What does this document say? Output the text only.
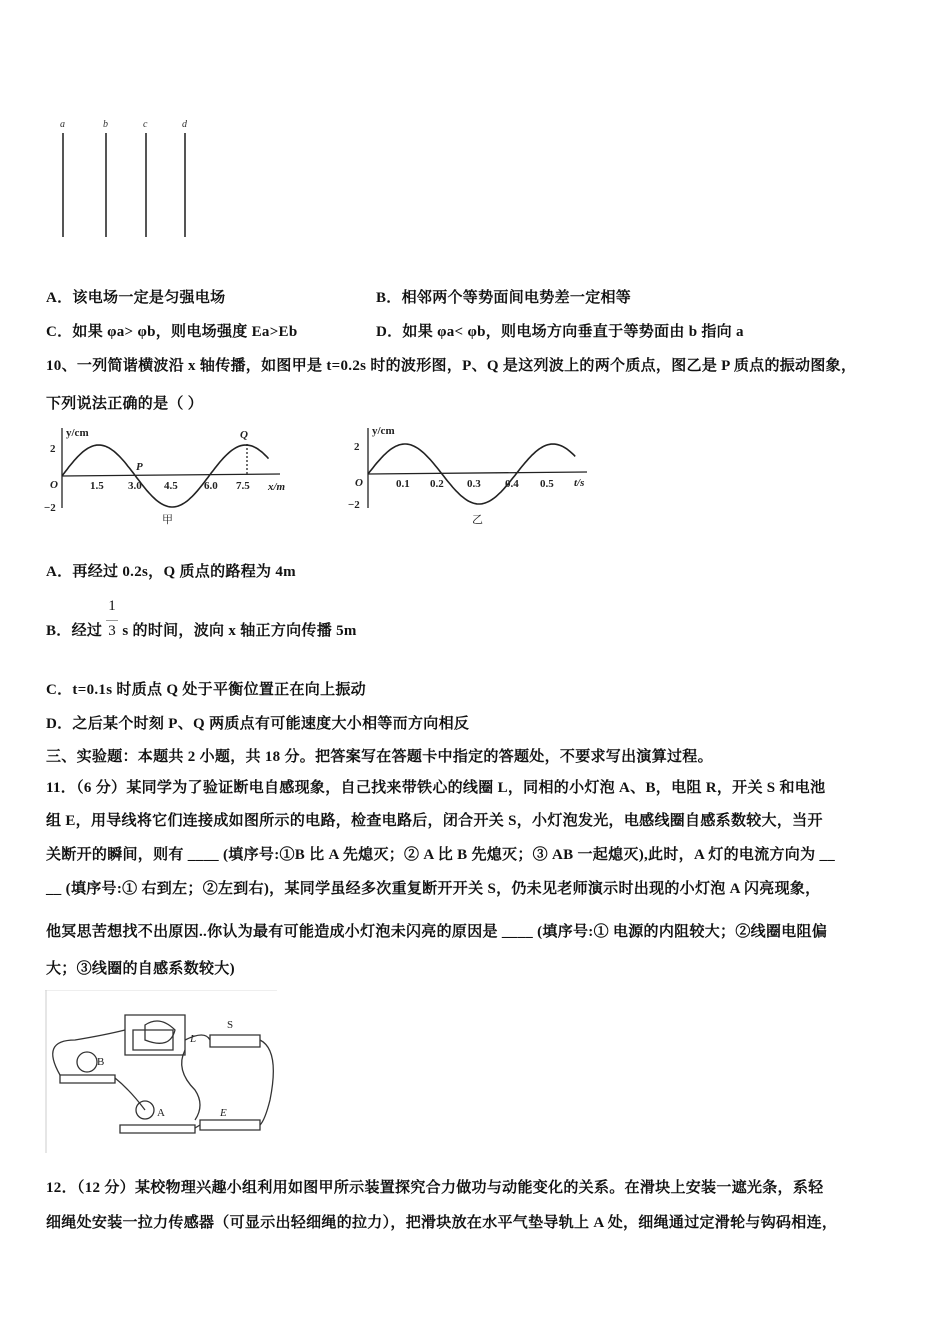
a	b	c	d
A．该电场一定是匀强电场	B．相邻两个等势面间电势差一定相等
C．如果 φa> φb，则电场强度 Ea>Eb	D．如果 φa< φb，则电场方向垂直于等势面由 b 指向 a
10、一列简谐横波沿 x 轴传播，如图甲是 t=0.2s 时的波形图，P、Q 是这列波上的两个质点，图乙是 P 质点的振动图象，
下列说法正确的是（ ）
y/cm
x/m
O
2
−2
1.5 3.0 4.5 6.0 7.5
P
Q
甲
y/cm
t/s
O
2
−2
0.1 0.2 0.3 0.4 0.5
乙
A．再经过 0.2s，Q 质点的路程为 4m
B．经过 $\frac{1}{3}$ s 的时间，波向 x 轴正方向传播 5m
C．t=0.1s 时质点 Q 处于平衡位置正在向上振动
D．之后某个时刻 P、Q 两质点有可能速度大小相等而方向相反
三、实验题：本题共 2 小题，共 18 分。把答案写在答题卡中指定的答题处，不要求写出演算过程。
11．（6 分）某同学为了验证断电自感现象，自己找来带铁心的线圈 L，同相的小灯泡 A、B，电阻 R，开关 S 和电池
组 E，用导线将它们连接成如图所示的电路，检查电路后，闭合开关 S，小灯泡发光，电感线圈自感系数较大，当开
关断开的瞬间，则有 ____ (填序号:①B 比 A 先熄灭；② A 比 B 先熄灭；③ AB 一起熄灭),此时，A 灯的电流方向为 __
__ (填序号:① 右到左；②左到右)，某同学虽经多次重复断开开关 S，仍未见老师演示时出现的小灯泡 A 闪亮现象，
他冥思苦想找不出原因..你认为最有可能造成小灯泡未闪亮的原因是 ____ (填序号:① 电源的内阻较大；②线圈电阻偏
大；③线圈的自感系数较大)
S
L
B
A	E
12．（12 分）某校物理兴趣小组利用如图甲所示装置探究合力做功与动能变化的关系。在滑块上安装一遮光条，系轻
细绳处安装一拉力传感器（可显示出轻细绳的拉力），把滑块放在水平气垫导轨上 A 处，细绳通过定滑轮与钩码相连，
